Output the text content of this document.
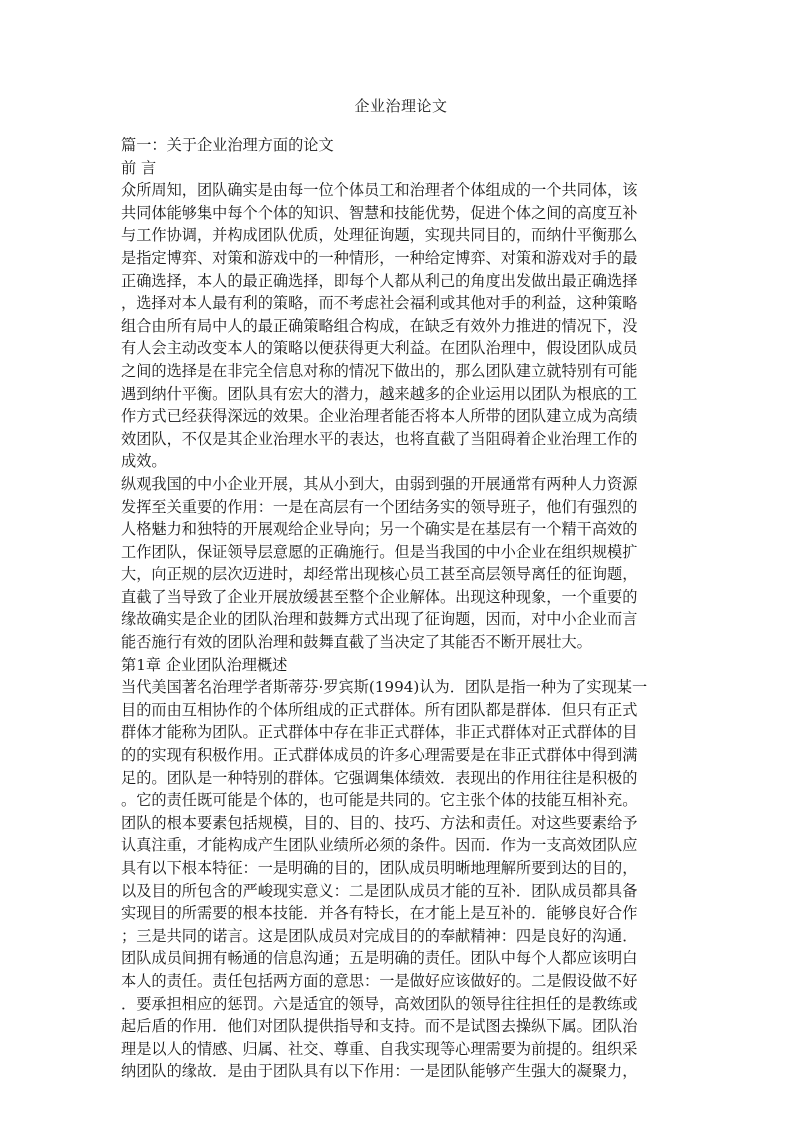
企业治理论文
篇一：关于企业治理方面的论文
前 言
众所周知，团队确实是由每一位个体员工和治理者个体组成的一个共同体，该
共同体能够集中每个个体的知识、智慧和技能优势，促进个体之间的高度互补
与工作协调，并构成团队优质，处理征询题，实现共同目的，而纳什平衡那么
是指定博弈、对策和游戏中的一种情形，一种给定博弈、对策和游戏对手的最
正确选择，本人的最正确选择，即每个人都从利己的角度出发做出最正确选择
，选择对本人最有利的策略，而不考虑社会福利或其他对手的利益，这种策略
组合由所有局中人的最正确策略组合构成，在缺乏有效外力推进的情况下，没
有人会主动改变本人的策略以便获得更大利益。在团队治理中，假设团队成员
之间的选择是在非完全信息对称的情况下做出的，那么团队建立就特别有可能
遇到纳什平衡。团队具有宏大的潜力，越来越多的企业运用以团队为根底的工
作方式已经获得深远的效果。企业治理者能否将本人所带的团队建立成为高绩
效团队，不仅是其企业治理水平的表达，也将直截了当阻碍着企业治理工作的
成效。
纵观我国的中小企业开展，其从小到大，由弱到强的开展通常有两种人力资源
发挥至关重要的作用：一是在高层有一个团结务实的领导班子，他们有强烈的
人格魅力和独特的开展观给企业导向；另一个确实是在基层有一个精干高效的
工作团队，保证领导层意愿的正确施行。但是当我国的中小企业在组织规模扩
大，向正规的层次迈进时，却经常出现核心员工甚至高层领导离任的征询题，
直截了当导致了企业开展放缓甚至整个企业解体。出现这种现象，一个重要的
缘故确实是企业的团队治理和鼓舞方式出现了征询题，因而，对中小企业而言
能否施行有效的团队治理和鼓舞直截了当决定了其能否不断开展壮大。
第1章 企业团队治理概述
当代美国著名治理学者斯蒂芬·罗宾斯(1994)认为．团队是指一种为了实现某一
目的而由互相协作的个体所组成的正式群体。所有团队都是群体．但只有正式
群体才能称为团队。正式群体中存在非正式群体，非正式群体对正式群体的目
的的实现有积极作用。正式群体成员的许多心理需要是在非正式群体中得到满
足的。团队是一种特别的群体。它强调集体绩效．表现出的作用往往是积极的
。它的责任既可能是个体的，也可能是共同的。它主张个体的技能互相补充。
团队的根本要素包括规模，目的、目的、技巧、方法和责任。对这些要素给予
认真注重，才能构成产生团队业绩所必须的条件。因而．作为一支高效团队应
具有以下根本特征：一是明确的目的，团队成员明晰地理解所要到达的目的，
以及目的所包含的严峻现实意义：二是团队成员才能的互补．团队成员都具备
实现目的所需要的根本技能．并各有特长，在才能上是互补的．能够良好合作
；三是共同的诺言。这是团队成员对完成目的的奉献精神：四是良好的沟通．
团队成员间拥有畅通的信息沟通；五是明确的责任。团队中每个人都应该明白
本人的责任。责任包括两方面的意思：一是做好应该做好的。二是假设做不好
．要承担相应的惩罚。六是适宜的领导，高效团队的领导往往担任的是教练或
起后盾的作用．他们对团队提供指导和支持。而不是试图去操纵下属。团队治
理是以人的情感、归属、社交、尊重、自我实现等心理需要为前提的。组织采
纳团队的缘故．是由于团队具有以下作用：一是团队能够产生强大的凝聚力，
